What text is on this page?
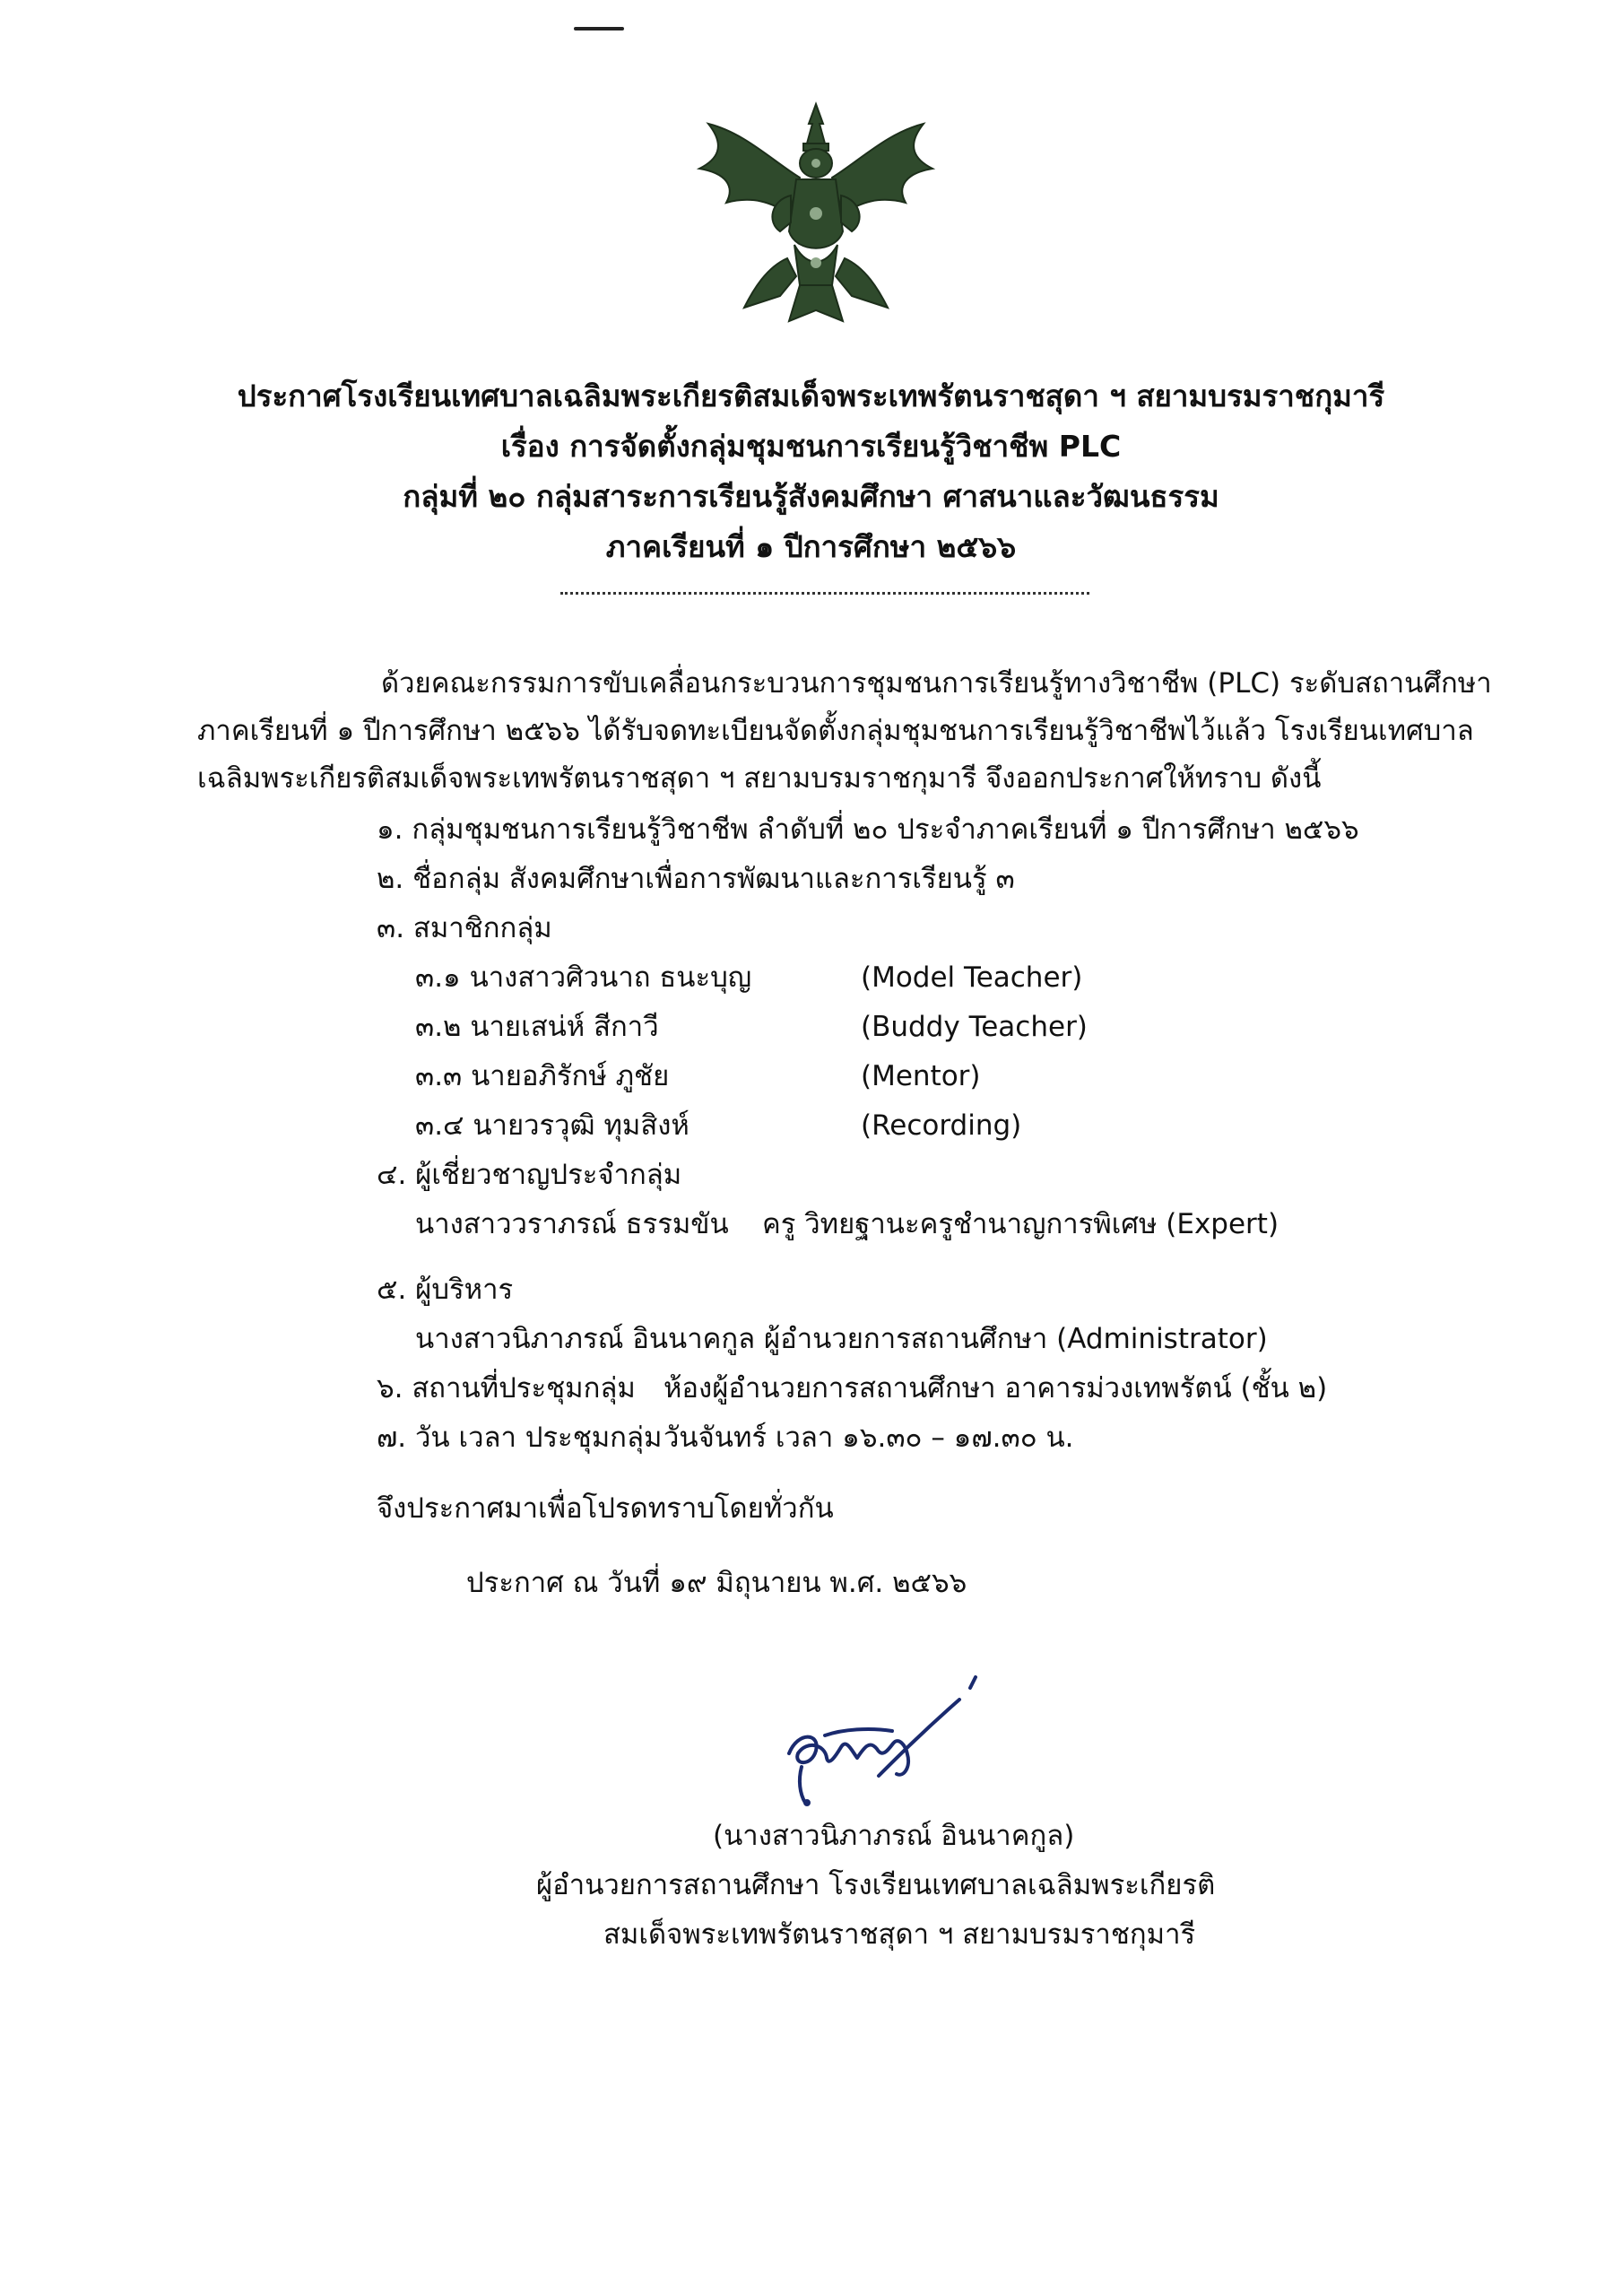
ประกาศโรงเรียนเทศบาลเฉลิมพระเกียรติสมเด็จพระเทพรัตนราชสุดา ฯ สยามบรมราชกุมารี
เรื่อง การจัดตั้งกลุ่มชุมชนการเรียนรู้วิชาชีพ PLC
กลุ่มที่ ๒๐ กลุ่มสาระการเรียนรู้สังคมศึกษา ศาสนาและวัฒนธรรม
ภาคเรียนที่ ๑ ปีการศึกษา ๒๕๖๖
ด้วยคณะกรรมการขับเคลื่อนกระบวนการชุมชนการเรียนรู้ทางวิชาชีพ (PLC) ระดับสถานศึกษา
ภาคเรียนที่ ๑ ปีการศึกษา ๒๕๖๖ ได้รับจดทะเบียนจัดตั้งกลุ่มชุมชนการเรียนรู้วิชาชีพไว้แล้ว โรงเรียนเทศบาล
เฉลิมพระเกียรติสมเด็จพระเทพรัตนราชสุดา ฯ สยามบรมราชกุมารี จึงออกประกาศให้ทราบ ดังนี้
๑. กลุ่มชุมชนการเรียนรู้วิชาชีพ ลำดับที่ ๒๐ ประจำภาคเรียนที่ ๑ ปีการศึกษา ๒๕๖๖
๒. ชื่อกลุ่ม สังคมศึกษาเพื่อการพัฒนาและการเรียนรู้ ๓
๓. สมาชิกกลุ่ม
๓.๑ นางสาวศิวนาถ ธนะบุญ	(Model Teacher)
๓.๒ นายเสน่ห์ สีกาวี	(Buddy Teacher)
๓.๓ นายอภิรักษ์ ภูชัย	(Mentor)
๓.๔ นายวรวุฒิ ทุมสิงห์	(Recording)
๔. ผู้เชี่ยวชาญประจำกลุ่ม
นางสาววราภรณ์ ธรรมขัน ครู วิทยฐานะครูชำนาญการพิเศษ (Expert)
๕. ผู้บริหาร
นางสาวนิภาภรณ์ อินนาคกูล ผู้อำนวยการสถานศึกษา (Administrator)
๖. สถานที่ประชุมกลุ่ม ห้องผู้อำนวยการสถานศึกษา อาคารม่วงเทพรัตน์ (ชั้น ๒)
๗. วัน เวลา ประชุมกลุ่ม วันจันทร์ เวลา ๑๖.๓๐ – ๑๗.๓๐ น.
จึงประกาศมาเพื่อโปรดทราบโดยทั่วกัน
ประกาศ ณ วันที่ ๑๙ มิถุนายน พ.ศ. ๒๕๖๖
(นางสาวนิภาภรณ์ อินนาคกูล)
ผู้อำนวยการสถานศึกษา โรงเรียนเทศบาลเฉลิมพระเกียรติ
สมเด็จพระเทพรัตนราชสุดา ฯ สยามบรมราชกุมารี
